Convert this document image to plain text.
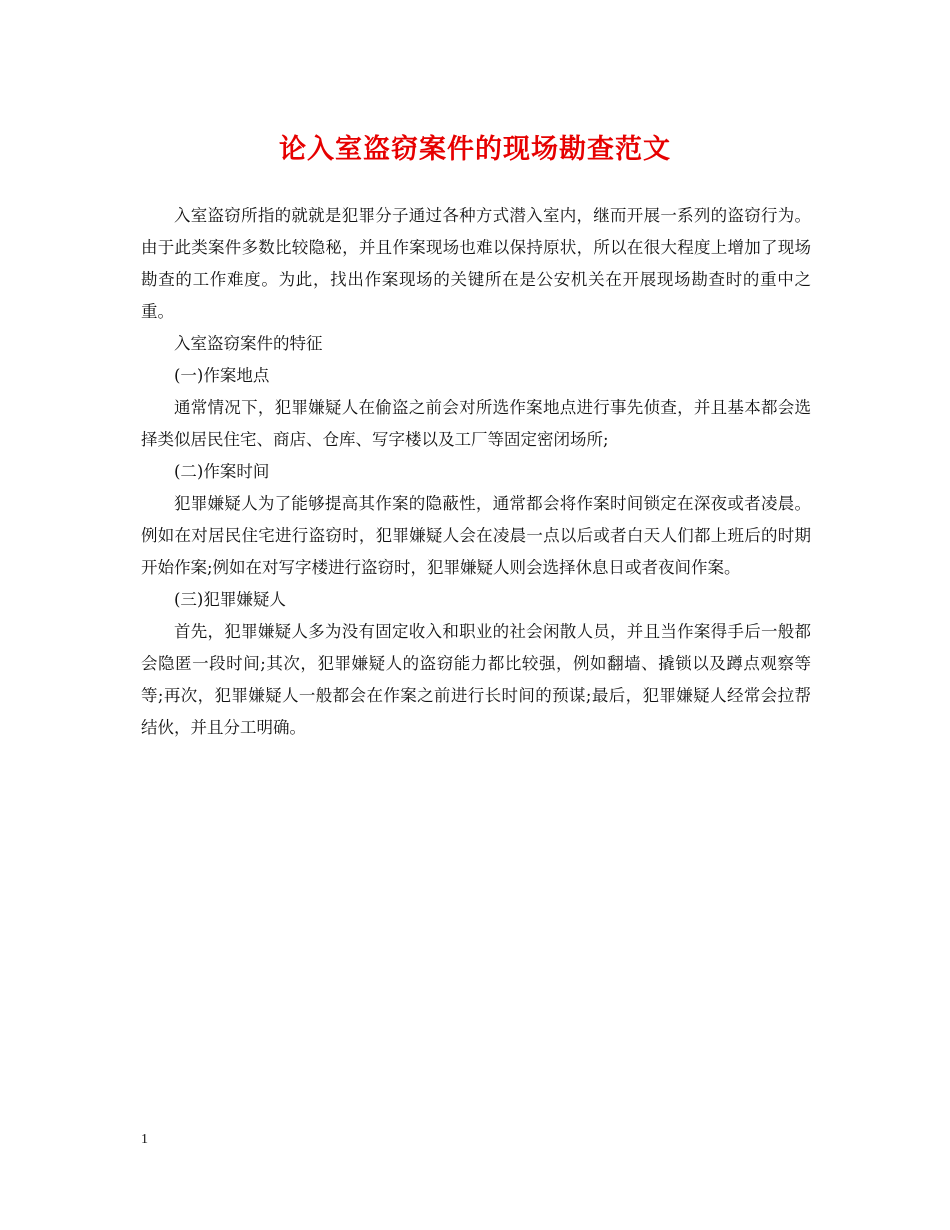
论入室盗窃案件的现场勘查范文

入室盗窃所指的就就是犯罪分子通过各种方式潜入室内，继而开展一系列的盗窃行为。由于此类案件多数比较隐秘，并且作案现场也难以保持原状，所以在很大程度上增加了现场勘查的工作难度。为此，找出作案现场的关键所在是公安机关在开展现场勘查时的重中之重。

入室盗窃案件的特征

(一)作案地点

通常情况下，犯罪嫌疑人在偷盗之前会对所选作案地点进行事先侦查，并且基本都会选择类似居民住宅、商店、仓库、写字楼以及工厂等固定密闭场所;

(二)作案时间

犯罪嫌疑人为了能够提高其作案的隐蔽性，通常都会将作案时间锁定在深夜或者凌晨。例如在对居民住宅进行盗窃时，犯罪嫌疑人会在凌晨一点以后或者白天人们都上班后的时期开始作案;例如在对写字楼进行盗窃时，犯罪嫌疑人则会选择休息日或者夜间作案。

(三)犯罪嫌疑人

首先，犯罪嫌疑人多为没有固定收入和职业的社会闲散人员，并且当作案得手后一般都会隐匿一段时间;其次，犯罪嫌疑人的盗窃能力都比较强，例如翻墙、撬锁以及蹲点观察等等;再次，犯罪嫌疑人一般都会在作案之前进行长时间的预谋;最后，犯罪嫌疑人经常会拉帮结伙，并且分工明确。

1
